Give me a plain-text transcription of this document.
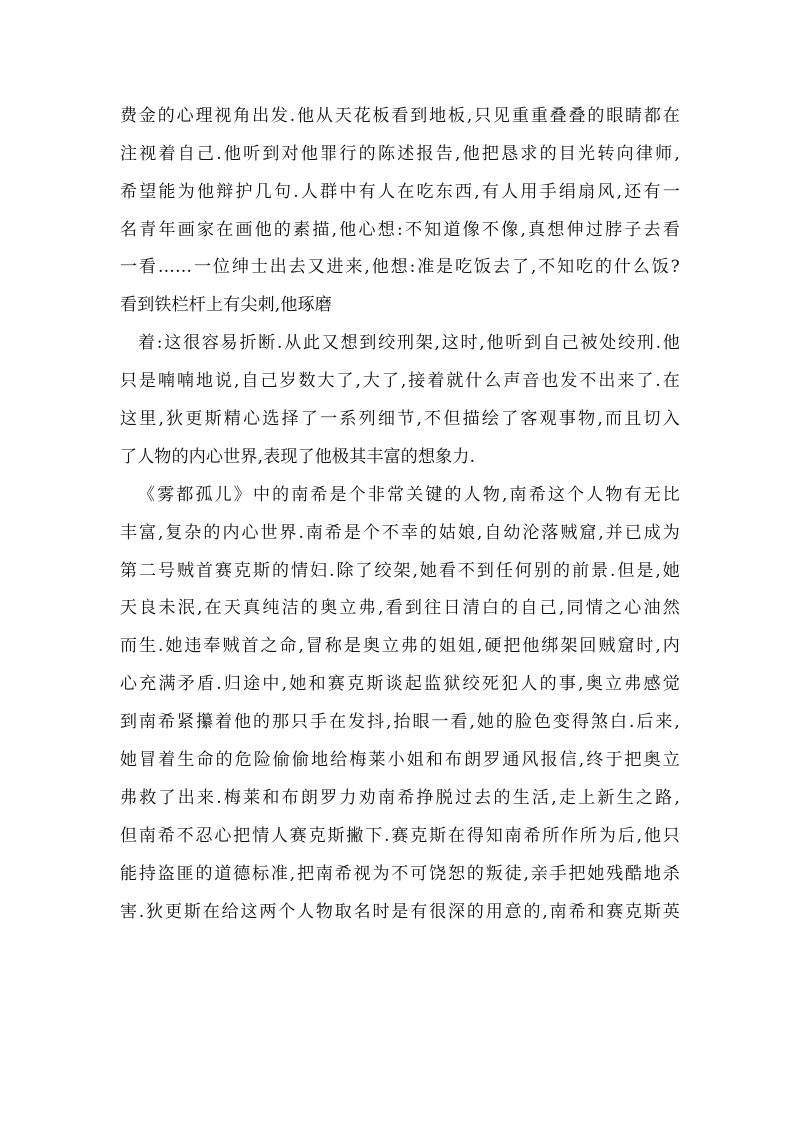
费金的心理视角出发.他从天花板看到地板,只见重重叠叠的眼睛都在
注视着自己.他听到对他罪行的陈述报告,他把恳求的目光转向律师,
希望能为他辩护几句.人群中有人在吃东西,有人用手绢扇风,还有一
名青年画家在画他的素描,他心想:不知道像不像,真想伸过脖子去看
一看……一位绅士出去又进来,他想:准是吃饭去了,不知吃的什么饭?
看到铁栏杆上有尖刺,他琢磨
着:这很容易折断.从此又想到绞刑架,这时,他听到自己被处绞刑.他
只是喃喃地说,自己岁数大了,大了,接着就什么声音也发不出来了.在
这里,狄更斯精心选择了一系列细节,不但描绘了客观事物,而且切入
了人物的内心世界,表现了他极其丰富的想象力.
《雾都孤儿》中的南希是个非常关键的人物,南希这个人物有无比
丰富,复杂的内心世界.南希是个不幸的姑娘,自幼沦落贼窟,并已成为
第二号贼首赛克斯的情妇.除了绞架,她看不到任何别的前景.但是,她
天良未泯,在天真纯洁的奥立弗,看到往日清白的自己,同情之心油然
而生.她违奉贼首之命,冒称是奥立弗的姐姐,硬把他绑架回贼窟时,内
心充满矛盾.归途中,她和赛克斯谈起监狱绞死犯人的事,奥立弗感觉
到南希紧攥着他的那只手在发抖,抬眼一看,她的脸色变得煞白.后来,
她冒着生命的危险偷偷地给梅莱小姐和布朗罗通风报信,终于把奥立
弗救了出来.梅莱和布朗罗力劝南希挣脱过去的生活,走上新生之路,
但南希不忍心把情人赛克斯撇下.赛克斯在得知南希所作所为后,他只
能持盗匪的道德标准,把南希视为不可饶恕的叛徒,亲手把她残酷地杀
害.狄更斯在给这两个人物取名时是有很深的用意的,南希和赛克斯英
